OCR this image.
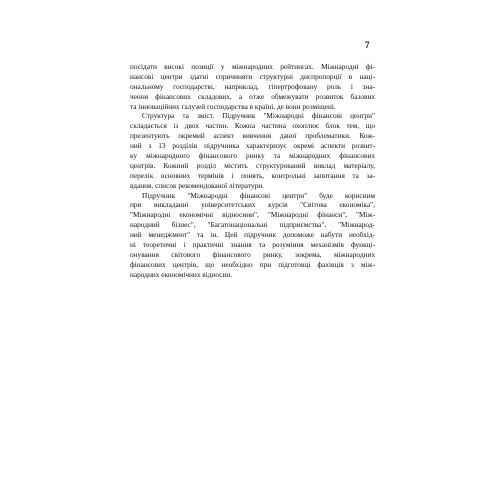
7
посідати високі позиції у міжнародних рейтингах. Міжнародні фі-
нансові центри здатні спричиняти структурні диспропорції в наці-
ональному господарстві, наприклад, гіпертрофовану роль і зна-
чення фінансових складових, а отже обмежувати розвиток базових
та інноваційних галузей господарства в країні, де вони розміщені.
Структура та зміст. Підручник "Міжнародні фінансові центри"
складається із двох частин. Кожна частина охоплює блок тем, що
презентують окремий аспект вивчення даної проблематики. Кож-
ний з 13 розділів підручника характеризує окремі аспекти розвит-
ку міжнародного фінансового ринку та міжнародних фінансових
центрів. Кожний розділ містить структурований виклад матеріалу,
перелік основних термінів і понять, контрольні запитання та за-
вдання, список рекомендованої літератури.
Підручник "Міжнародні фінансові центри" буде корисним
при викладанні університетських курсів "Світова економіка",
"Міжнародні економічні відносини", "Міжнародні фінанси", "Між-
народний бізнес", "Багатонаціональні підприємства", "Міжнарод-
ний менеджмент" та ін. Цей підручник допоможе набути необхід-
ні теоретичні і практичні знання та розуміння механізмів функці-
онування світового фінансового ринку, зокрема, міжнародних
фінансових центрів, що необхідно при підготовці фахівців з між-
народних економічних відносин.
